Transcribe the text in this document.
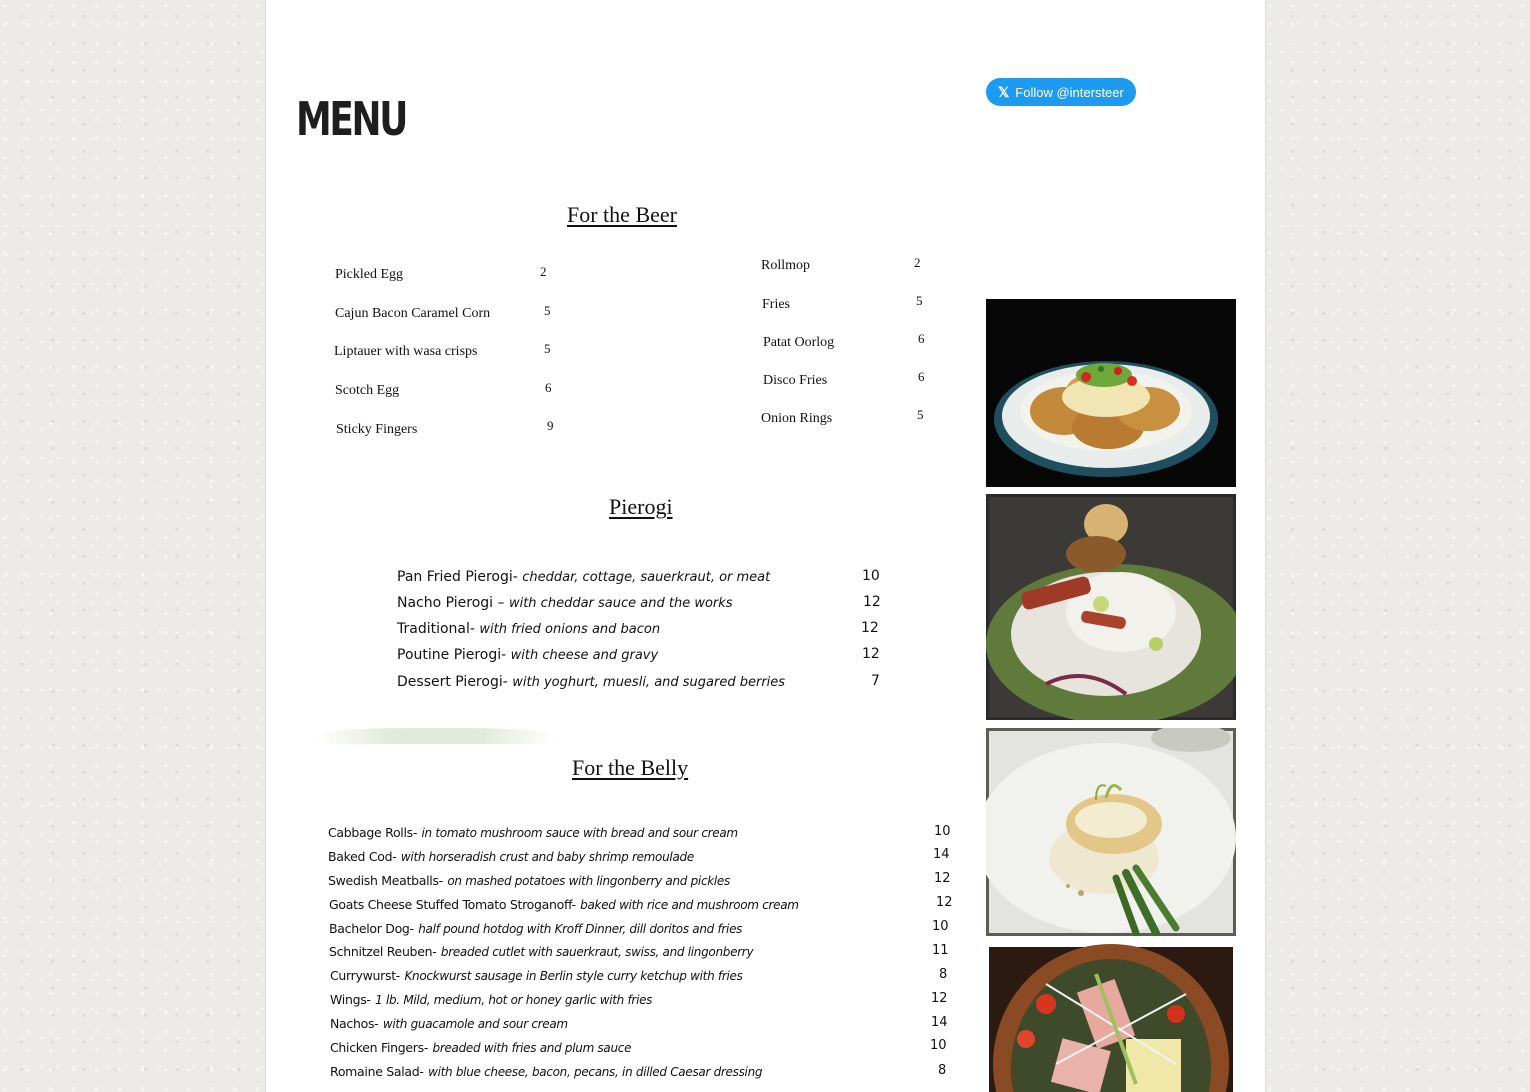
MENU
𝕏 Follow @intersteer
For the Beer
Pickled Egg	2
Cajun Bacon Caramel Corn	5
Liptauer with wasa crisps	5
Scotch Egg	6
Sticky Fingers	9
Rollmop	2
Fries	5
Patat Oorlog	6
Disco Fries	6
Onion Rings	5
Pierogi
Pan Fried Pierogi- cheddar, cottage, sauerkraut, or meat	10
Nacho Pierogi – with cheddar sauce and the works	12
Traditional- with fried onions and bacon	12
Poutine Pierogi- with cheese and gravy	12
Dessert Pierogi- with yoghurt, muesli, and sugared berries	7
For the Belly
Cabbage Rolls- in tomato mushroom sauce with bread and sour cream	10
Baked Cod- with horseradish crust and baby shrimp remoulade	14
Swedish Meatballs- on mashed potatoes with lingonberry and pickles	12
Goats Cheese Stuffed Tomato Stroganoff- baked with rice and mushroom cream	12
Bachelor Dog- half pound hotdog with Kroff Dinner, dill doritos and fries	10
Schnitzel Reuben- breaded cutlet with sauerkraut, swiss, and lingonberry	11
Currywurst- Knockwurst sausage in Berlin style curry ketchup with fries	8
Wings- 1 lb. Mild, medium, hot or honey garlic with fries	12
Nachos- with guacamole and sour cream	14
Chicken Fingers- breaded with fries and plum sauce	10
Romaine Salad- with blue cheese, bacon, pecans, in dilled Caesar dressing	8
